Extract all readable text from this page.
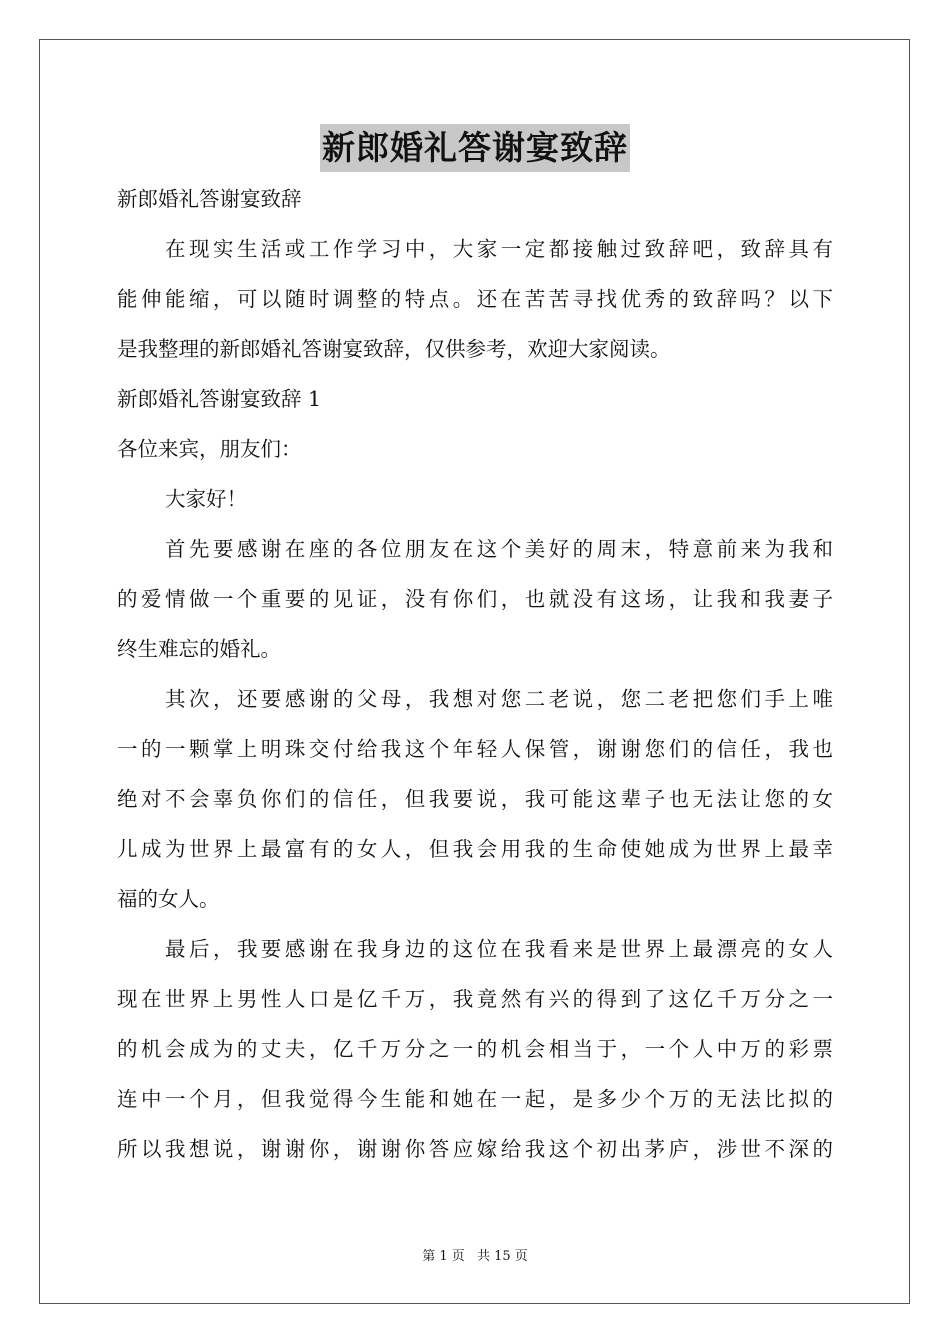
新郎婚礼答谢宴致辞
新郎婚礼答谢宴致辞
在现实生活或工作学习中，大家一定都接触过致辞吧，致辞具有
能伸能缩，可以随时调整的特点。还在苦苦寻找优秀的致辞吗？以下
是我整理的新郎婚礼答谢宴致辞，仅供参考，欢迎大家阅读。
新郎婚礼答谢宴致辞 1
各位来宾，朋友们：
大家好！
首先要感谢在座的各位朋友在这个美好的周末，特意前来为我和
的爱情做一个重要的见证，没有你们，也就没有这场，让我和我妻子
终生难忘的婚礼。
其次，还要感谢的父母，我想对您二老说，您二老把您们手上唯
一的一颗掌上明珠交付给我这个年轻人保管，谢谢您们的信任，我也
绝对不会辜负你们的信任，但我要说，我可能这辈子也无法让您的女
儿成为世界上最富有的女人，但我会用我的生命使她成为世界上最幸
福的女人。
最后，我要感谢在我身边的这位在我看来是世界上最漂亮的女人
现在世界上男性人口是亿千万，我竟然有兴的得到了这亿千万分之一
的机会成为的丈夫，亿千万分之一的机会相当于，一个人中万的彩票
连中一个月，但我觉得今生能和她在一起，是多少个万的无法比拟的
所以我想说，谢谢你，谢谢你答应嫁给我这个初出茅庐，涉世不深的
第 1 页 共 15 页
